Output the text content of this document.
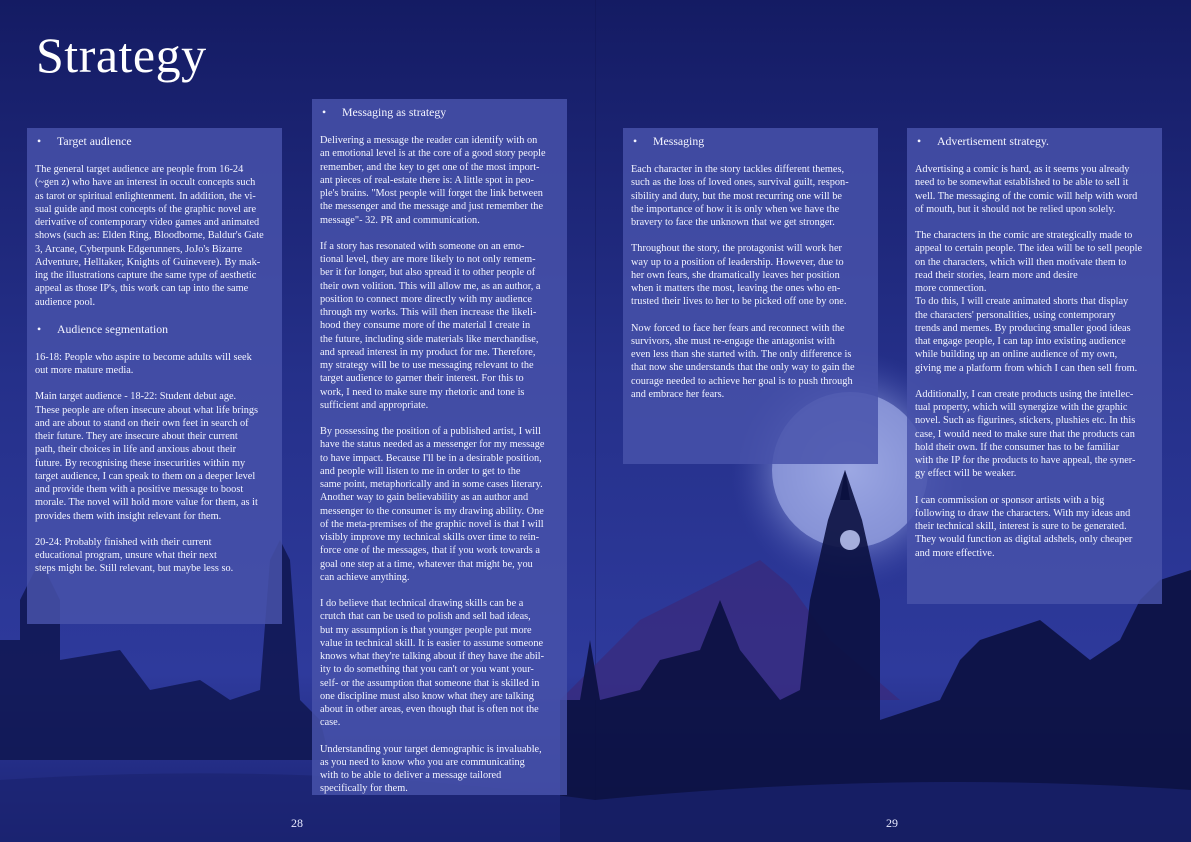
Strategy
•	Target audience

The general target audience are people from 16-24
(~gen z) who have an interest in occult concepts such
as tarot or spiritual enlightenment. In addition, the vi-
sual guide and most concepts of the graphic novel are
derivative of contemporary video games and animated
shows (such as: Elden Ring, Bloodborne, Baldur's Gate
3, Arcane, Cyberpunk Edgerunners, JoJo's Bizarre
Adventure, Helltaker, Knights of Guinevere). By mak-
ing the illustrations capture the same type of aesthetic
appeal as those IP's, this work can tap into the same
audience pool.

•	Audience segmentation

16-18: People who aspire to become adults will seek
out more mature media.

Main target audience - 18-22: Student debut age.
These people are often insecure about what life brings
and are about to stand on their own feet in search of
their future. They are insecure about their current
path, their choices in life and anxious about their
future. By recognising these insecurities within my
target audience, I can speak to them on a deeper level
and provide them with a positive message to boost
morale. The novel will hold more value for them, as it
provides them with insight relevant for them.

20-24: Probably finished with their current
educational program, unsure what their next
steps might be. Still relevant, but maybe less so.

•	Messaging as strategy

Delivering a message the reader can identify with on
an emotional level is at the core of a good story people
remember, and the key to get one of the most import-
ant pieces of real-estate there is: A little spot in peo-
ple's brains. "Most people will forget the link between
the messenger and the message and just remember the
message"- 32. PR and communication.

If a story has resonated with someone on an emo-
tional level, they are more likely to not only remem-
ber it for longer, but also spread it to other people of
their own volition. This will allow me, as an author, a
position to connect more directly with my audience
through my works. This will then increase the likeli-
hood they consume more of the material I create in
the future, including side materials like merchandise,
and spread interest in my product for me. Therefore,
my strategy will be to use messaging relevant to the
target audience to garner their interest. For this to
work, I need to make sure my rhetoric and tone is
sufficient and appropriate.

By possessing the position of a published artist, I will
have the status needed as a messenger for my message
to have impact. Because I'll be in a desirable position,
and people will listen to me in order to get to the
same point, metaphorically and in some cases literary.
Another way to gain believability as an author and
messenger to the consumer is my drawing ability. One
of the meta-premises of the graphic novel is that I will
visibly improve my technical skills over time to rein-
force one of the messages, that if you work towards a
goal one step at a time, whatever that might be, you
can achieve anything.

I do believe that technical drawing skills can be a
crutch that can be used to polish and sell bad ideas,
but my assumption is that younger people put more
value in technical skill. It is easier to assume someone
knows what they're talking about if they have the abil-
ity to do something that you can't or you want your-
self- or the assumption that someone that is skilled in
one discipline must also know what they are talking
about in other areas, even though that is often not the
case.

Understanding your target demographic is invaluable,
as you need to know who you are communicating
with to be able to deliver a message tailored
specifically for them.

•	Messaging

Each character in the story tackles different themes,
such as the loss of loved ones, survival guilt, respon-
sibility and duty, but the most recurring one will be
the importance of how it is only when we have the
bravery to face the unknown that we get stronger.

Throughout the story, the protagonist will work her
way up to a position of leadership. However, due to
her own fears, she dramatically leaves her position
when it matters the most, leaving the ones who en-
trusted their lives to her to be picked off one by one.

Now forced to face her fears and reconnect with the
survivors, she must re-engage the antagonist with
even less than she started with. The only difference is
that now she understands that the only way to gain the
courage needed to achieve her goal is to push through
and embrace her fears.

•	Advertisement strategy.

Advertising a comic is hard, as it seems you already
need to be somewhat established to be able to sell it
well. The messaging of the comic will help with word
of mouth, but it should not be relied upon solely.

The characters in the comic are strategically made to
appeal to certain people. The idea will be to sell people
on the characters, which will then motivate them to
read their stories, learn more and desire
more connection.
To do this, I will create animated shorts that display
the characters' personalities, using contemporary
trends and memes. By producing smaller good ideas
that engage people, I can tap into existing audience
while building up an online audience of my own,
giving me a platform from which I can then sell from.

Additionally, I can create products using the intellec-
tual property, which will synergize with the graphic
novel. Such as figurines, stickers, plushies etc. In this
case, I would need to make sure that the products can
hold their own. If the consumer has to be familiar
with the IP for the products to have appeal, the syner-
gy effect will be weaker.

I can commission or sponsor artists with a big
following to draw the characters. With my ideas and
their technical skill, interest is sure to be generated.
They would function as digital adshels, only cheaper
and more effective.

28	29
